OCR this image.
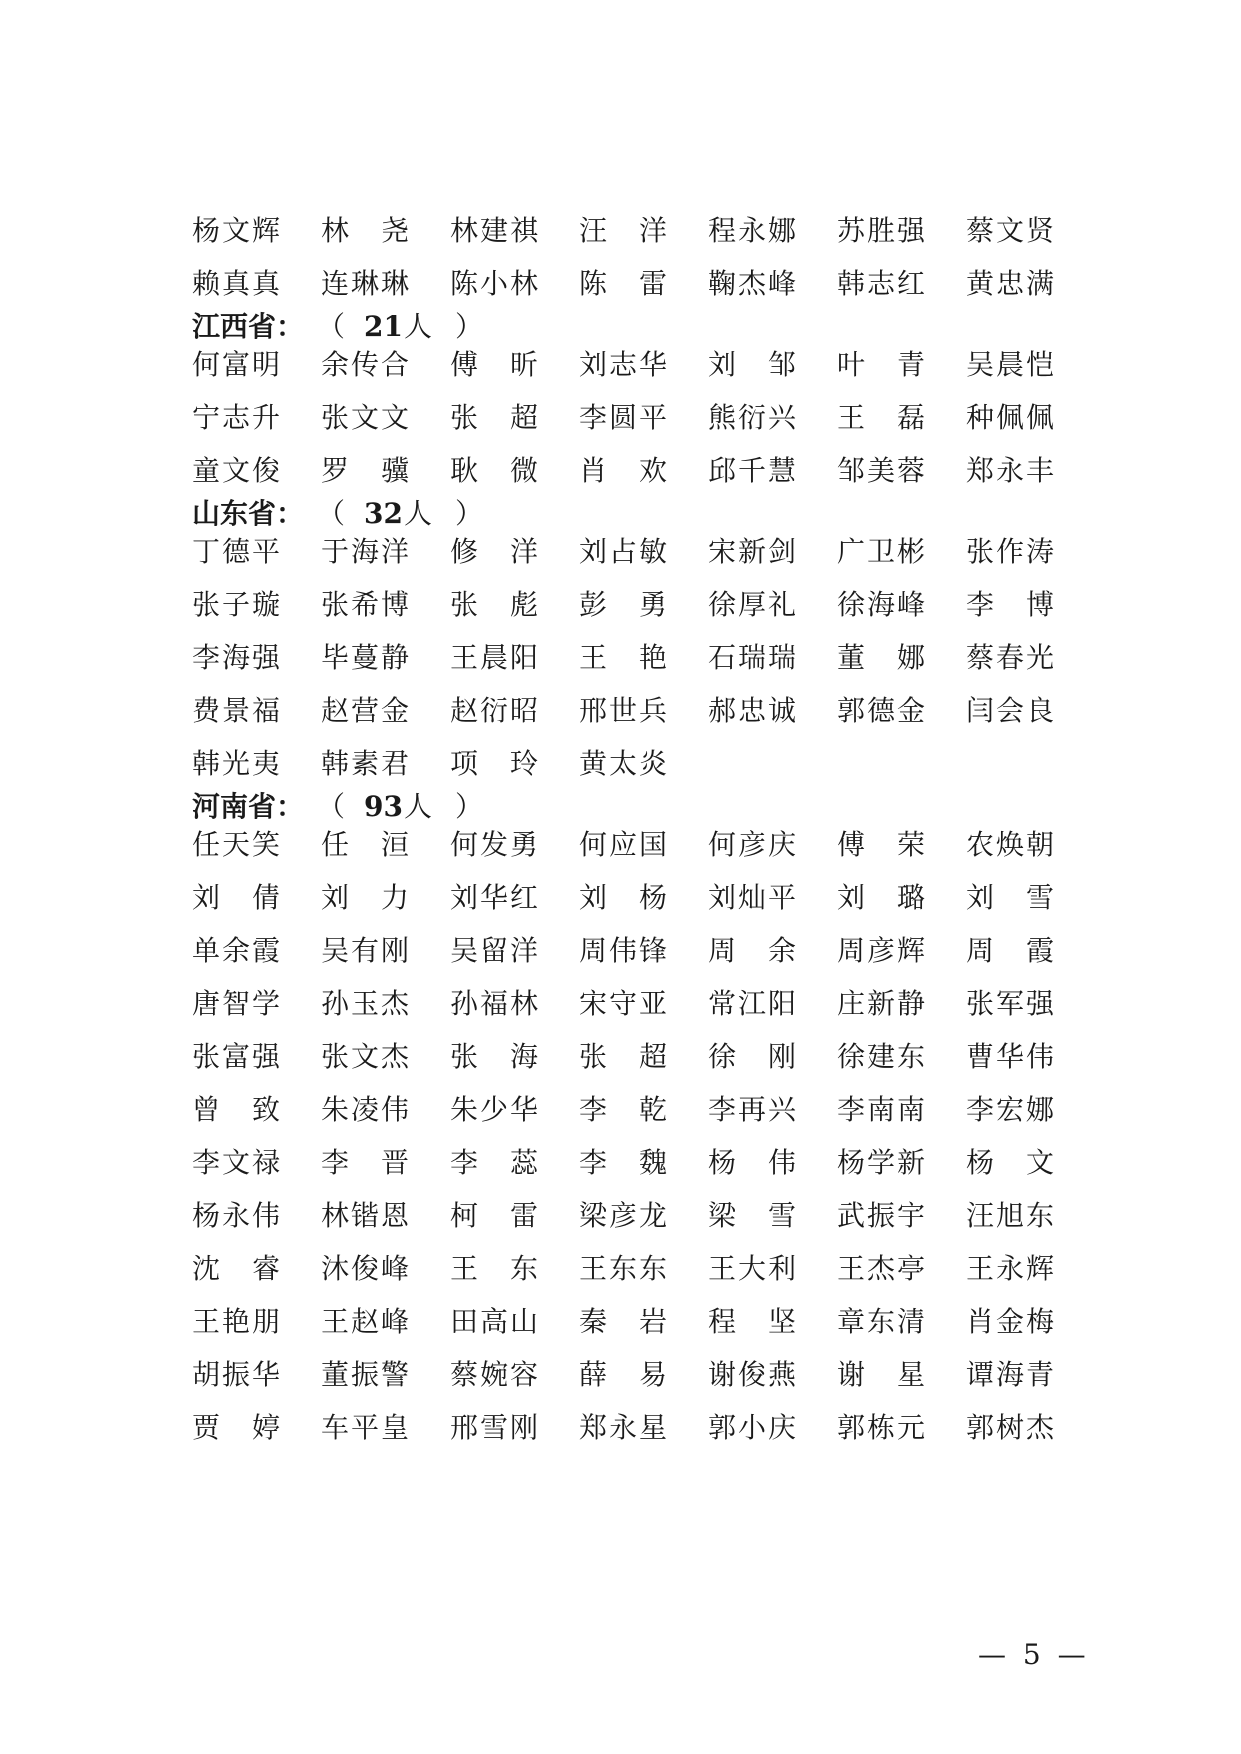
杨文辉 林　尧 林建祺 汪　洋 程永娜 苏胜强 蔡文贤
赖真真 连琳琳 陈小林 陈　雷 鞠杰峰 韩志红 黄忠满
江西省： （ 21 人 ）
何富明 余传合 傅　昕 刘志华 刘　邹 叶　青 吴晨恺
宁志升 张文文 张　超 李圆平 熊衍兴 王　磊 种佩佩
童文俊 罗　骥 耿　微 肖　欢 邱千慧 邹美蓉 郑永丰
山东省： （ 32 人 ）
丁德平 于海洋 修　洋 刘占敏 宋新剑 广卫彬 张作涛
张子璇 张希博 张　彪 彭　勇 徐厚礼 徐海峰 李　博
李海强 毕蔓静 王晨阳 王　艳 石瑞瑞 董　娜 蔡春光
费景福 赵营金 赵衍昭 邢世兵 郝忠诚 郭德金 闫会良
韩光夷 韩素君 项　玲 黄太炎
河南省： （ 93 人 ）
任天笑 任　洹 何发勇 何应国 何彦庆 傅　荣 农焕朝
刘　倩 刘　力 刘华红 刘　杨 刘灿平 刘　璐 刘　雪
单余霞 吴有刚 吴留洋 周伟锋 周　余 周彦辉 周　霞
唐智学 孙玉杰 孙福林 宋守亚 常江阳 庄新静 张军强
张富强 张文杰 张　海 张　超 徐　刚 徐建东 曹华伟
曾　致 朱凌伟 朱少华 李　乾 李再兴 李南南 李宏娜
李文禄 李　晋 李　蕊 李　魏 杨　伟 杨学新 杨　文
杨永伟 林锴恩 柯　雷 梁彦龙 梁　雪 武振宇 汪旭东
沈　睿 沐俊峰 王　东 王东东 王大利 王杰亭 王永辉
王艳朋 王赵峰 田高山 秦　岩 程　坚 章东清 肖金梅
胡振华 董振警 蔡婉容 薛　易 谢俊燕 谢　星 谭海青
贾　婷 车平皇 邢雪刚 郑永星 郭小庆 郭栋元 郭树杰
— 5 —
